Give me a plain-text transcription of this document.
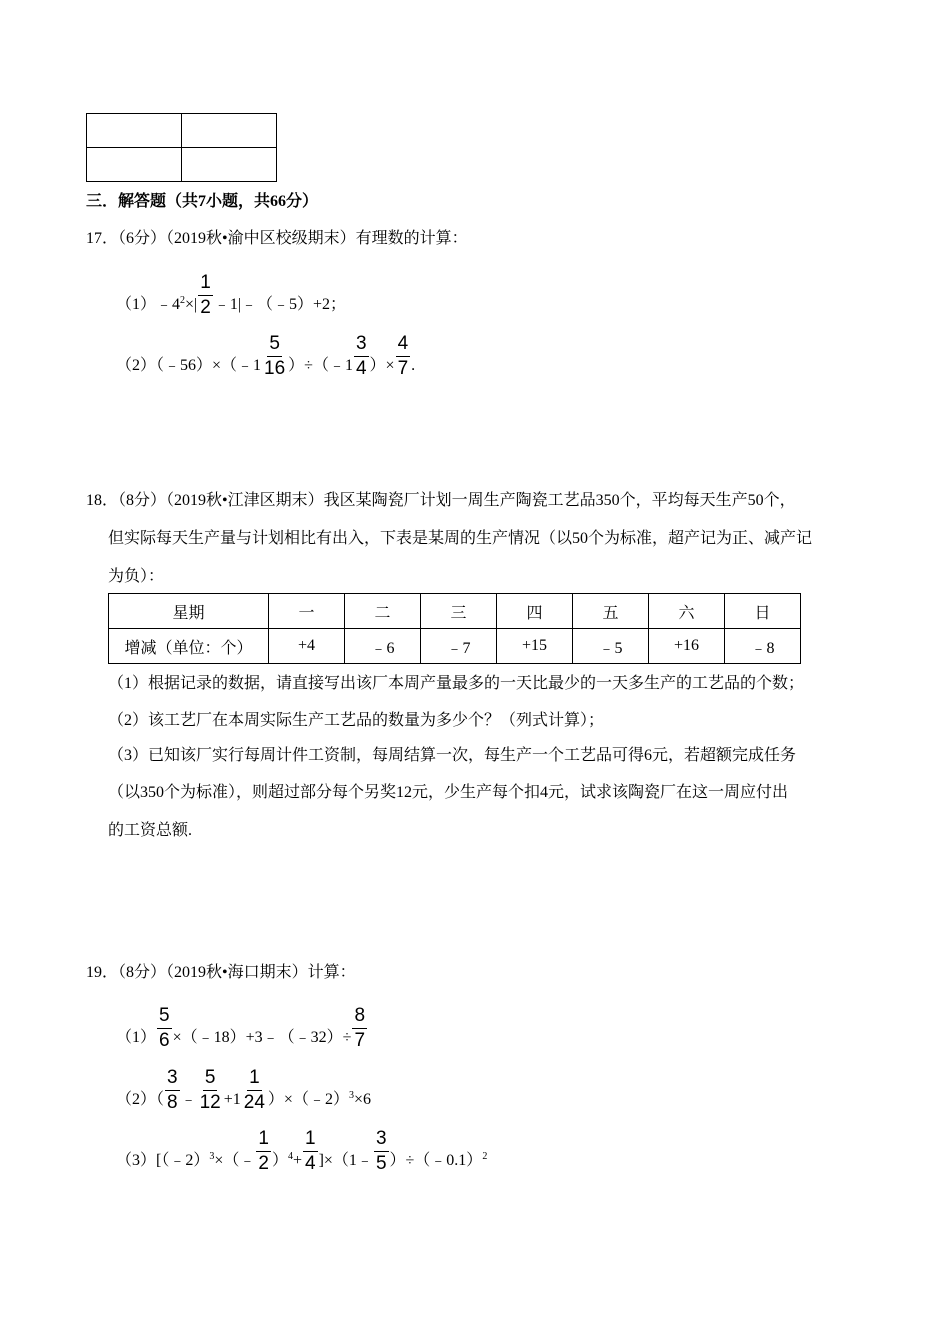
三．解答题（共7小题，共66分）
17．（6分）（2019秋•渝中区校级期末）有理数的计算：
$(1)﹣4^2\times| \frac{1}{2}$ ﹣1|﹣（﹣5）+2；
（2）（﹣56）×（﹣1 $\frac{5}{16}$ ）÷（﹣1 $\frac{3}{4}$ ）× $\frac{4}{7}$ .
18．（8分）（2019秋•江津区期末）我区某陶瓷厂计划一周生产陶瓷工艺品350个，平均每天生产50个，
但实际每天生产量与计划相比有出入，下表是某周的生产情况（以50个为标准，超产记为正、减产记
为负）：
星期	一	二	三	四	五	六	日
增减（单位：个）	+4	﹣6	﹣7	+15	﹣5	+16	﹣8
（1）根据记录的数据，请直接写出该厂本周产量最多的一天比最少的一天多生产的工艺品的个数；
（2）该工艺厂在本周实际生产工艺品的数量为多少个？（列式计算）；
（3）已知该厂实行每周计件工资制，每周结算一次，每生产一个工艺品可得6元，若超额完成任务
（以350个为标准），则超过部分每个另奖12元，少生产每个扣4元，试求该陶瓷厂在这一周应付出
的工资总额.
19．（8分）（2019秋•海口期末）计算：
$(1) \frac{5}{6}$ ×（﹣18）+3﹣（﹣32）÷ $\frac{8}{7}$
$(2)( \frac{3}{8}$ ﹣ $\frac{5}{12} +1 \frac{1}{24}$ ）×（﹣2）$^3$×6
（3）[（﹣2）$^3$×（﹣ $\frac{1}{2} )^4+ \frac{1}{4}$ ]×（1﹣ $\frac{3}{5}$ ）÷（﹣0.1）$^2$
